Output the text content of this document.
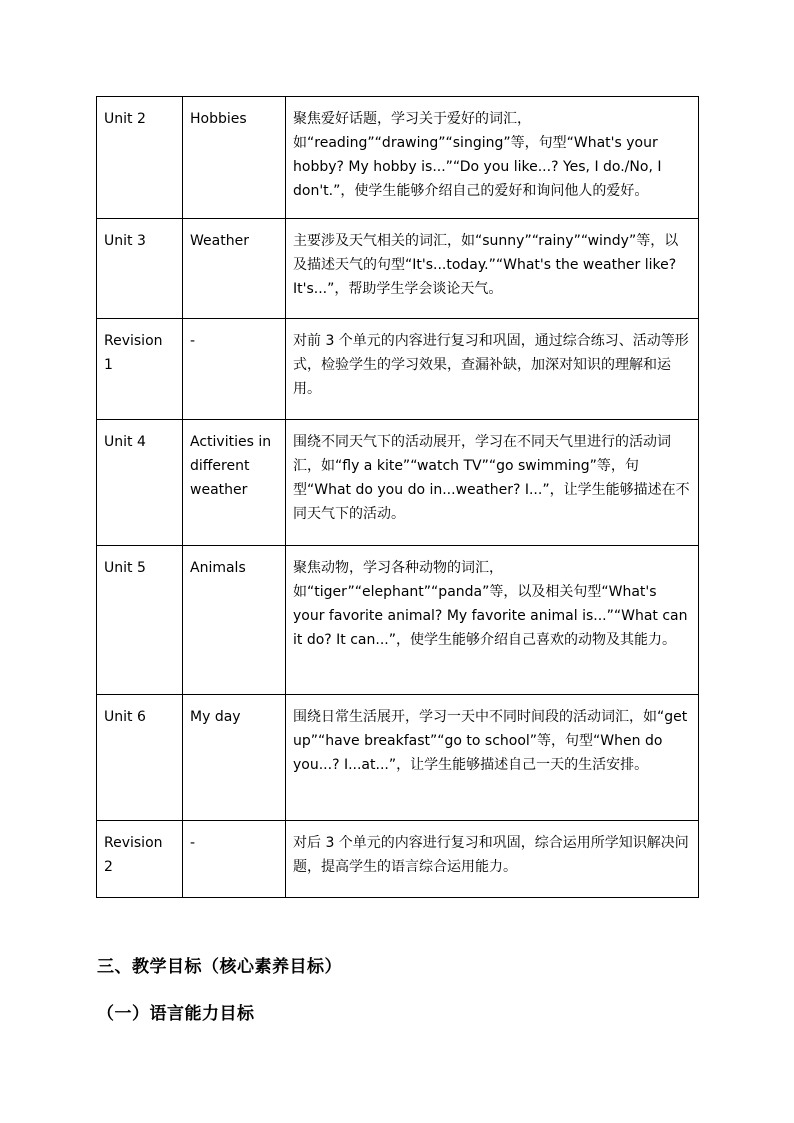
Unit 2	Hobbies	聚焦爱好话题，学习关于爱好的词汇，如“reading”“drawing”“singing”等，句型“What's your hobby? My hobby is...”“Do you like...? Yes, I do./No, I don't.”，使学生能够介绍自己的爱好和询问他人的爱好。
Unit 3	Weather	主要涉及天气相关的词汇，如“sunny”“rainy”“windy”等，以及描述天气的句型“It's...today.”“What's the weather like? It's...”，帮助学生学会谈论天气。
Revision 1	-	对前 3 个单元的内容进行复习和巩固，通过综合练习、活动等形式，检验学生的学习效果，查漏补缺，加深对知识的理解和运用。
Unit 4	Activities in different weather	围绕不同天气下的活动展开，学习在不同天气里进行的活动词汇，如“fly a kite”“watch TV”“go swimming”等，句型“What do you do in...weather? I...”，让学生能够描述在不同天气下的活动。
Unit 5	Animals	聚焦动物，学习各种动物的词汇，如“tiger”“elephant”“panda”等，以及相关句型“What's your favorite animal? My favorite animal is...”“What can it do? It can...”，使学生能够介绍自己喜欢的动物及其能力。
Unit 6	My day	围绕日常生活展开，学习一天中不同时间段的活动词汇，如“get up”“have breakfast”“go to school”等，句型“When do you...? I...at...”，让学生能够描述自己一天的生活安排。
Revision 2	-	对后 3 个单元的内容进行复习和巩固，综合运用所学知识解决问题，提高学生的语言综合运用能力。
三、教学目标（核心素养目标）
（一）语言能力目标
